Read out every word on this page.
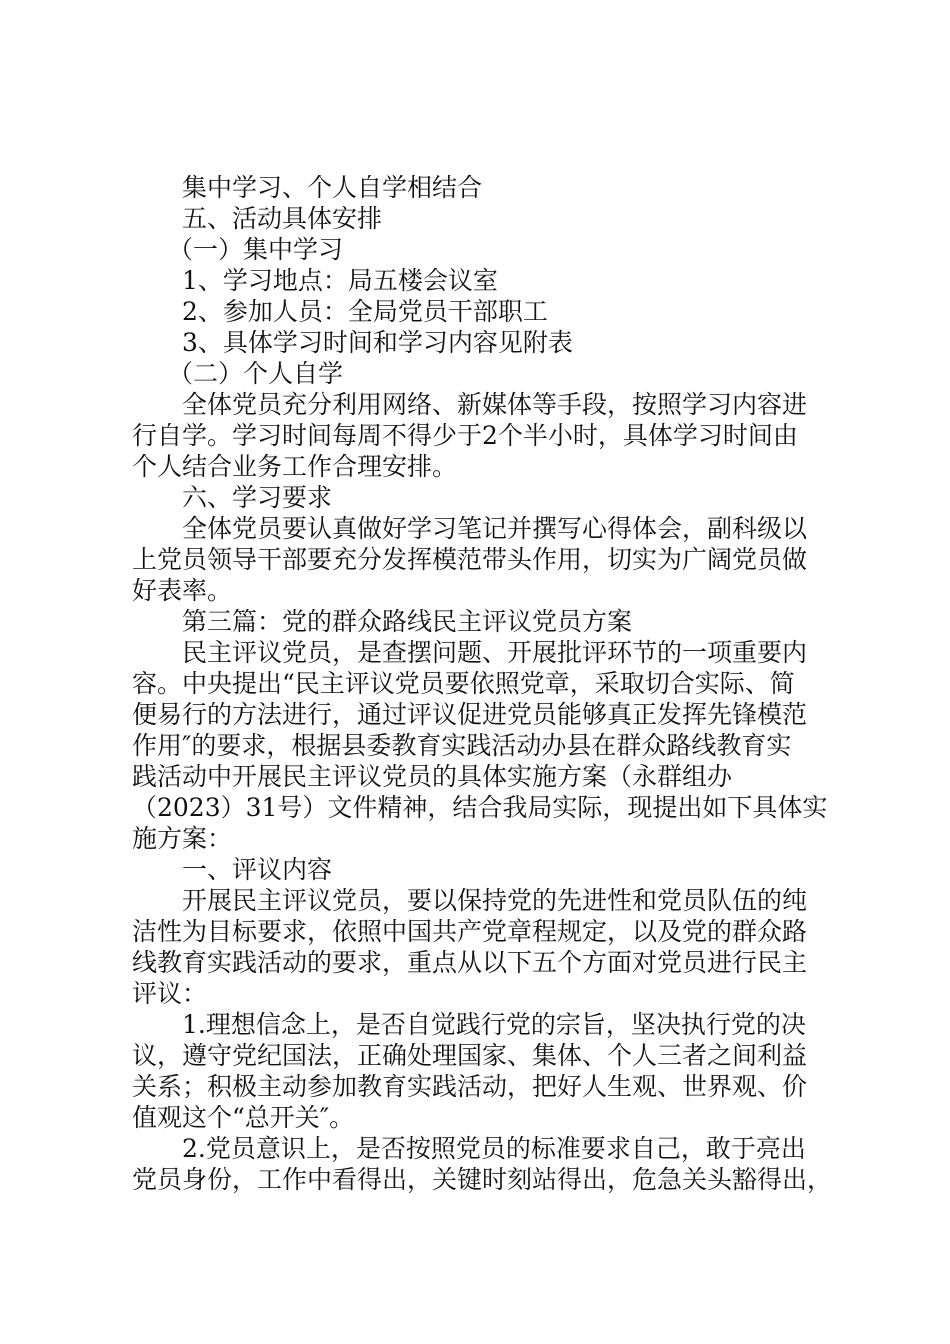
集中学习、个人自学相结合
五、活动具体安排
（一）集中学习
1、学习地点：局五楼会议室
2、参加人员：全局党员干部职工
3、具体学习时间和学习内容见附表
（二）个人自学
全体党员充分利用网络、新媒体等手段，按照学习内容进
行自学。学习时间每周不得少于2个半小时，具体学习时间由
个人结合业务工作合理安排。
六、学习要求
全体党员要认真做好学习笔记并撰写心得体会，副科级以
上党员领导干部要充分发挥模范带头作用，切实为广阔党员做
好表率。
第三篇：党的群众路线民主评议党员方案
民主评议党员，是查摆问题、开展批评环节的一项重要内
容。中央提出“民主评议党员要依照党章，采取切合实际、简
便易行的方法进行，通过评议促进党员能够真正发挥先锋模范
作用″的要求，根据县委教育实践活动办县在群众路线教育实
践活动中开展民主评议党员的具体实施方案（永群组办
（2023）31号）文件精神，结合我局实际，现提出如下具体实
施方案：
一、评议内容
开展民主评议党员，要以保持党的先进性和党员队伍的纯
洁性为目标要求，依照中国共产党章程规定，以及党的群众路
线教育实践活动的要求，重点从以下五个方面对党员进行民主
评议：
1.理想信念上，是否自觉践行党的宗旨，坚决执行党的决
议，遵守党纪国法，正确处理国家、集体、个人三者之间利益
关系；积极主动参加教育实践活动，把好人生观、世界观、价
值观这个“总开关″。
2.党员意识上，是否按照党员的标准要求自己，敢于亮出
党员身份，工作中看得出，关键时刻站得出，危急关头豁得出，
